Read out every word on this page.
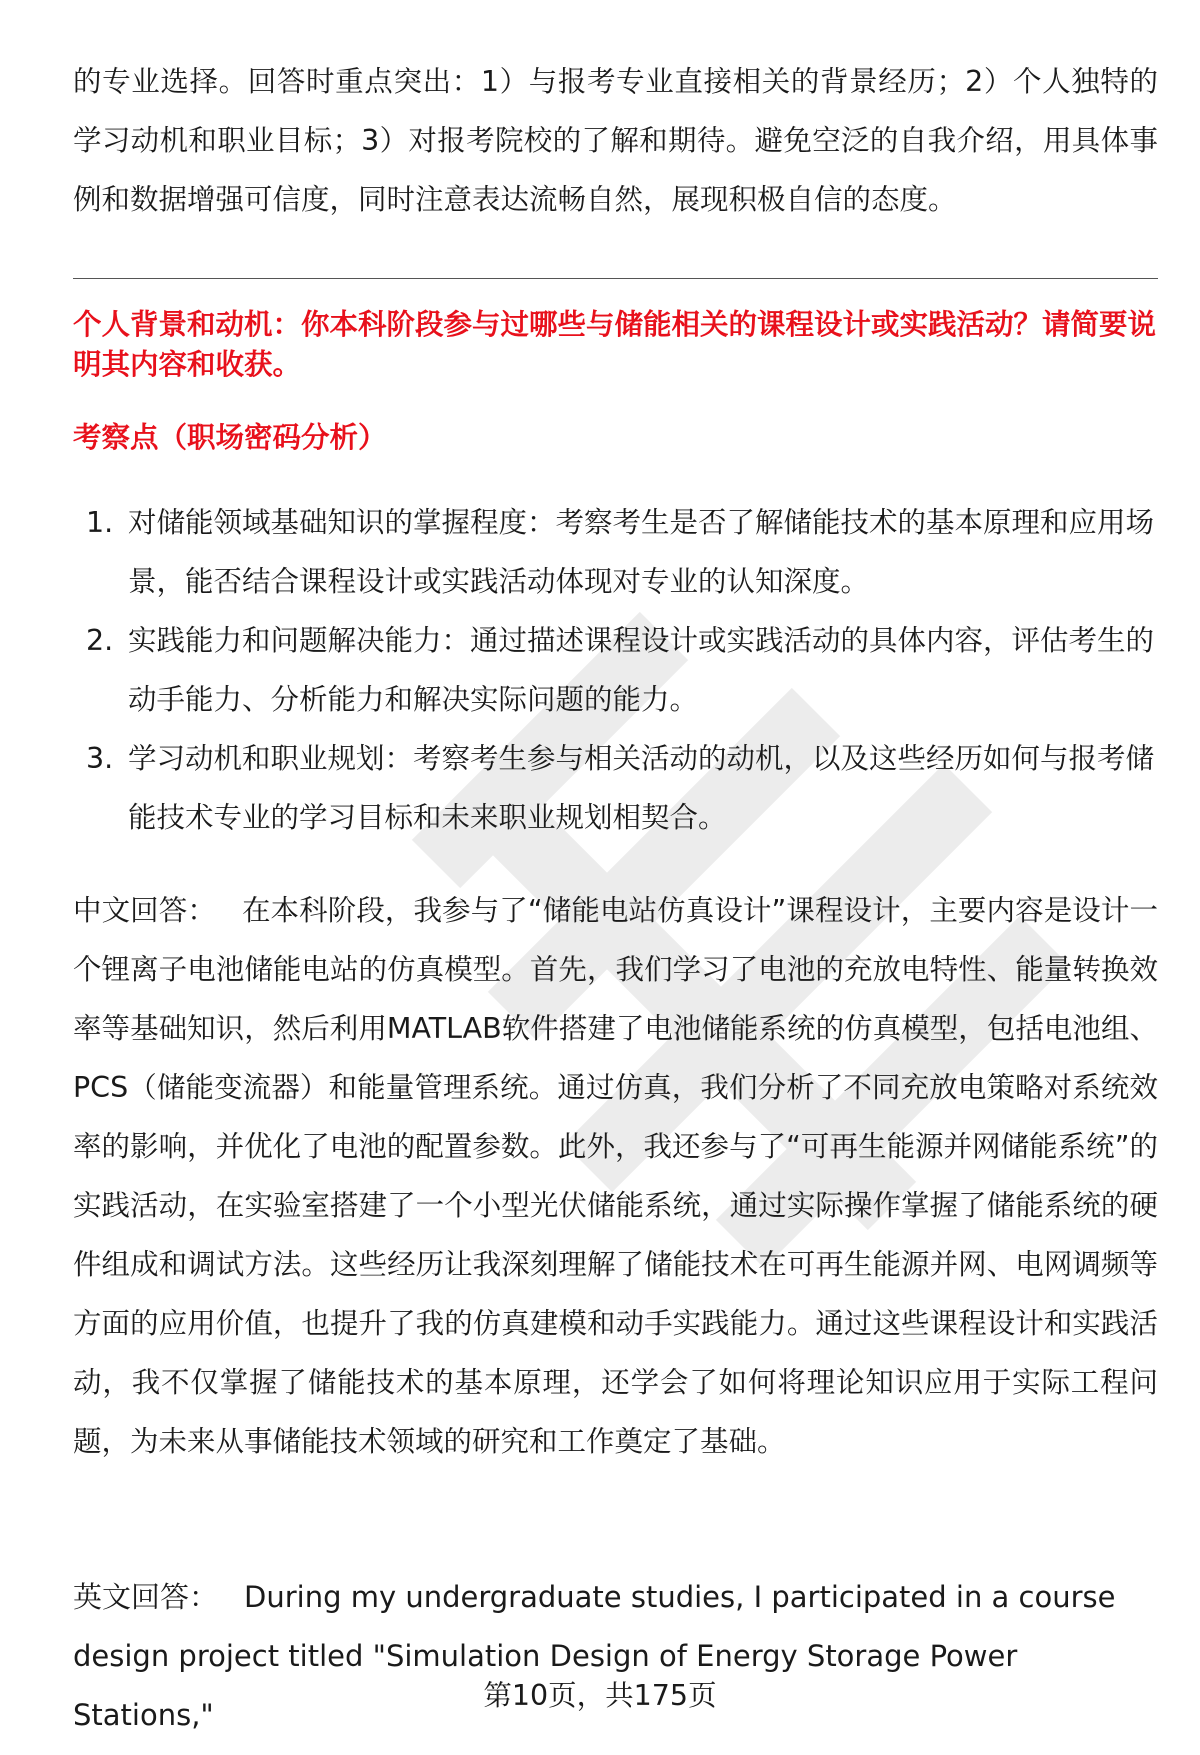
的专业选择。回答时重点突出：1）与报考专业直接相关的背景经历；2）个人独特的学习动机和职业目标；3）对报考院校的了解和期待。避免空泛的自我介绍，用具体事例和数据增强可信度，同时注意表达流畅自然，展现积极自信的态度。

个人背景和动机：你本科阶段参与过哪些与储能相关的课程设计或实践活动？请简要说明其内容和收获。

考察点（职场密码分析）

1. 对储能领域基础知识的掌握程度：考察考生是否了解储能技术的基本原理和应用场景，能否结合课程设计或实践活动体现对专业的认知深度。
2. 实践能力和问题解决能力：通过描述课程设计或实践活动的具体内容，评估考生的动手能力、分析能力和解决实际问题的能力。
3. 学习动机和职业规划：考察考生参与相关活动的动机，以及这些经历如何与报考储能技术专业的学习目标和未来职业规划相契合。

中文回答： 在本科阶段，我参与了“储能电站仿真设计”课程设计，主要内容是设计一个锂离子电池储能电站的仿真模型。首先，我们学习了电池的充放电特性、能量转换效率等基础知识，然后利用MATLAB软件搭建了电池储能系统的仿真模型，包括电池组、PCS（储能变流器）和能量管理系统。通过仿真，我们分析了不同充放电策略对系统效率的影响，并优化了电池的配置参数。此外，我还参与了“可再生能源并网储能系统”的实践活动，在实验室搭建了一个小型光伏储能系统，通过实际操作掌握了储能系统的硬件组成和调试方法。这些经历让我深刻理解了储能技术在可再生能源并网、电网调频等方面的应用价值，也提升了我的仿真建模和动手实践能力。通过这些课程设计和实践活动，我不仅掌握了储能技术的基本原理，还学会了如何将理论知识应用于实际工程问题，为未来从事储能技术领域的研究和工作奠定了基础。

英文回答： During my undergraduate studies, I participated in a course design project titled "Simulation Design of Energy Storage Power Stations,"

第10页，共175页
